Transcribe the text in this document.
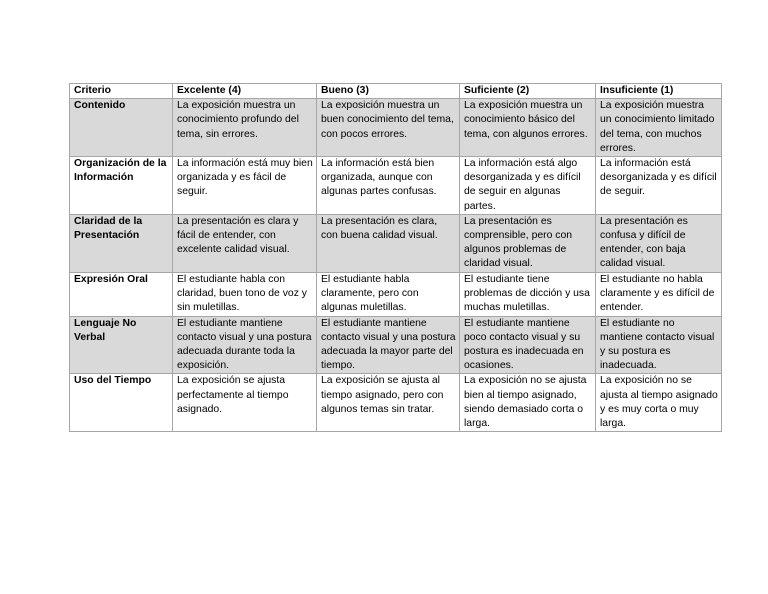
Criterio	Excelente (4)	Bueno (3)	Suficiente (2)	Insuficiente (1)
Contenido	La exposición muestra un conocimiento profundo del tema, sin errores.	La exposición muestra un buen conocimiento del tema, con pocos errores.	La exposición muestra un conocimiento básico del tema, con algunos errores.	La exposición muestra un conocimiento limitado del tema, con muchos errores.
Organización de la Información	La información está muy bien organizada y es fácil de seguir.	La información está bien organizada, aunque con algunas partes confusas.	La información está algo desorganizada y es difícil de seguir en algunas partes.	La información está desorganizada y es difícil de seguir.
Claridad de la Presentación	La presentación es clara y fácil de entender, con excelente calidad visual.	La presentación es clara, con buena calidad visual.	La presentación es comprensible, pero con algunos problemas de claridad visual.	La presentación es confusa y difícil de entender, con baja calidad visual.
Expresión Oral	El estudiante habla con claridad, buen tono de voz y sin muletillas.	El estudiante habla claramente, pero con algunas muletillas.	El estudiante tiene problemas de dicción y usa muchas muletillas.	El estudiante no habla claramente y es difícil de entender.
Lenguaje No Verbal	El estudiante mantiene contacto visual y una postura adecuada durante toda la exposición.	El estudiante mantiene contacto visual y una postura adecuada la mayor parte del tiempo.	El estudiante mantiene poco contacto visual y su postura es inadecuada en ocasiones.	El estudiante no mantiene contacto visual y su postura es inadecuada.
Uso del Tiempo	La exposición se ajusta perfectamente al tiempo asignado.	La exposición se ajusta al tiempo asignado, pero con algunos temas sin tratar.	La exposición no se ajusta bien al tiempo asignado, siendo demasiado corta o larga.	La exposición no se ajusta al tiempo asignado y es muy corta o muy larga.
